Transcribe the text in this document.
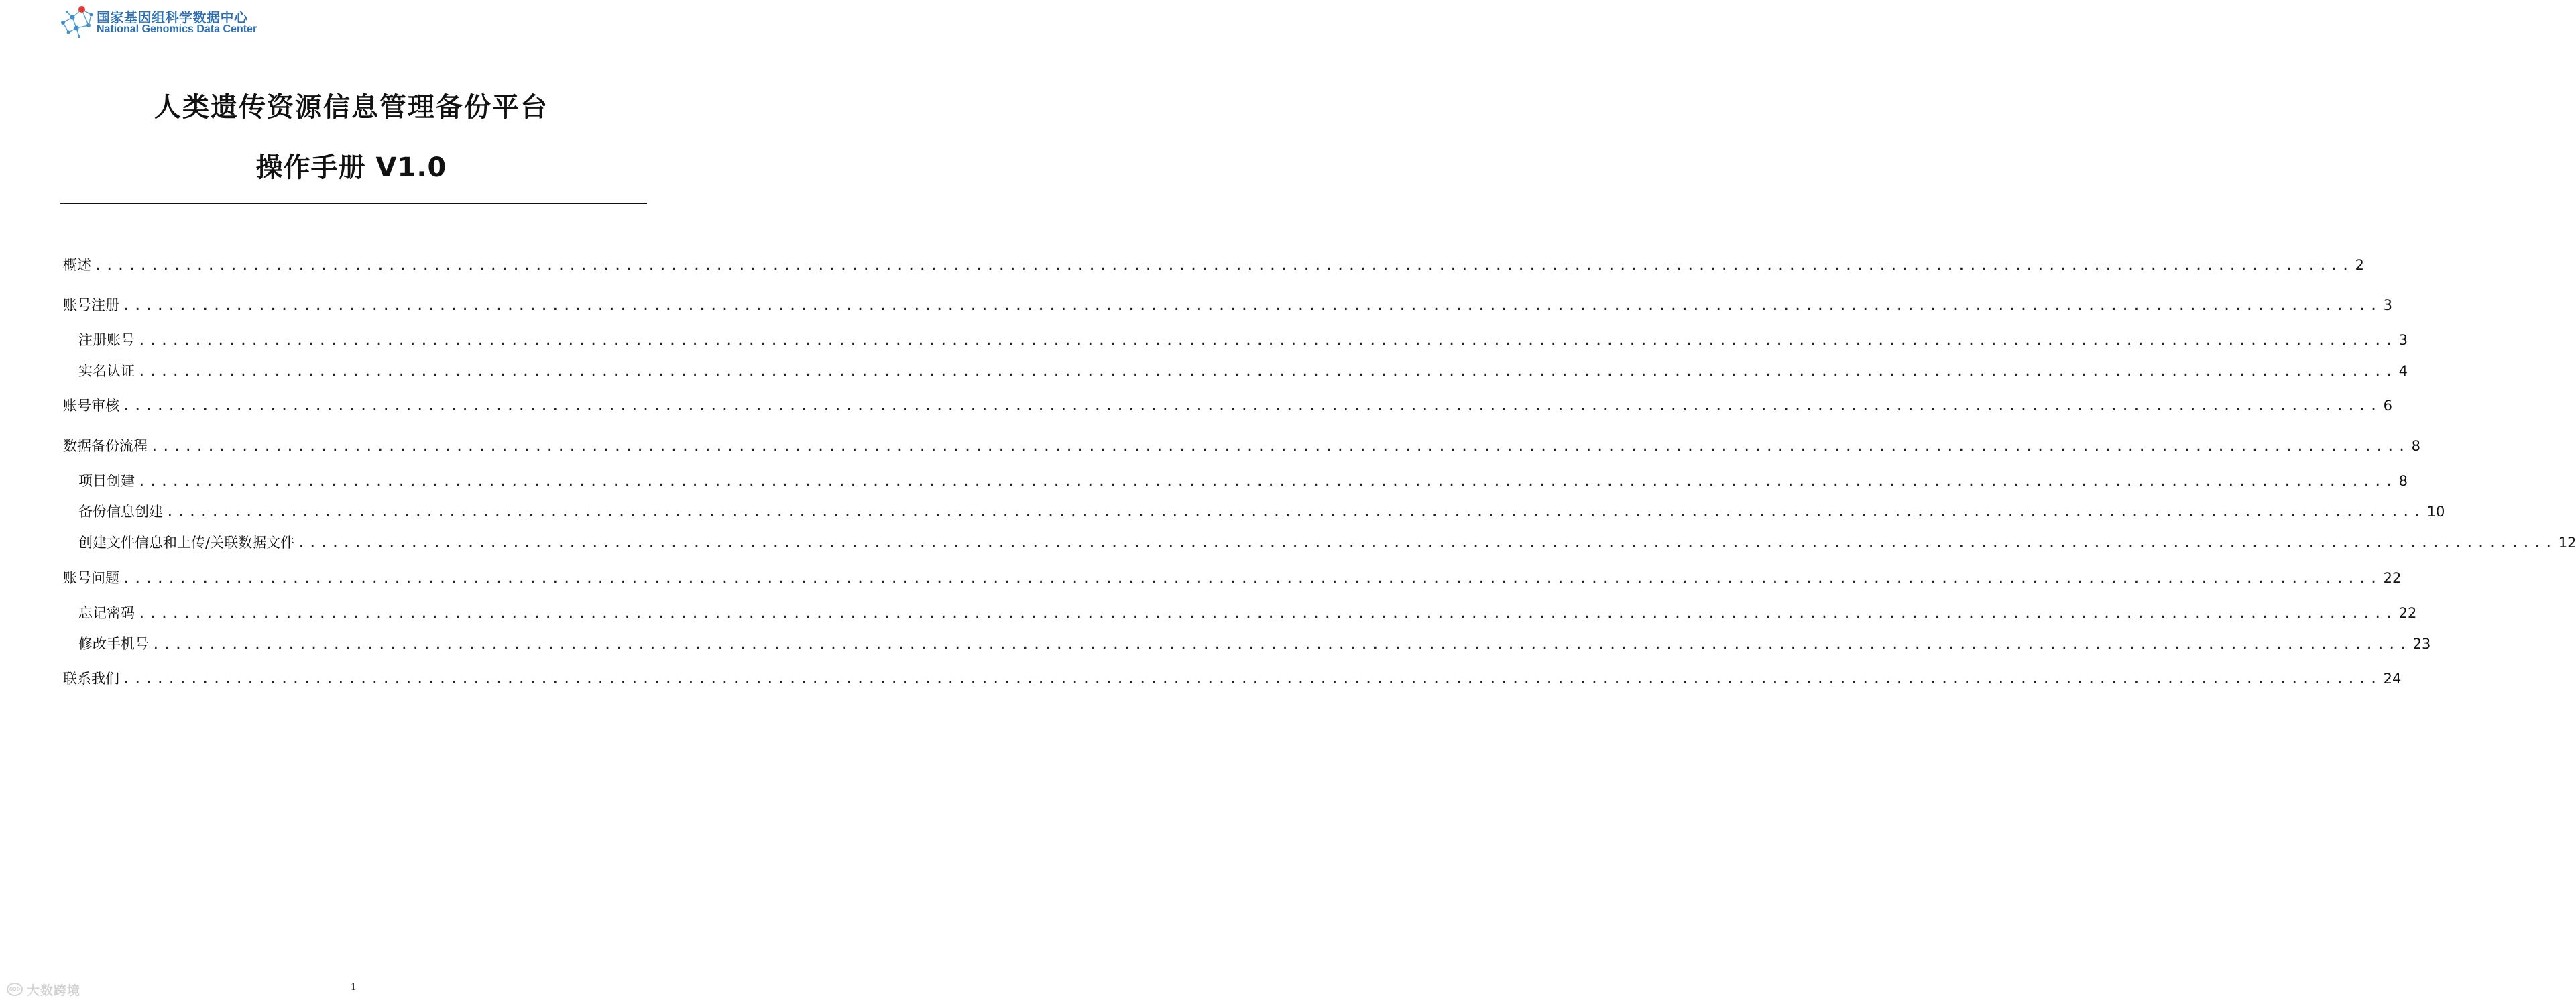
国家基因组科学数据中心
National Genomics Data Center
人类遗传资源信息管理备份平台
操作手册 V1.0
概述 ........................................................................................................................................................................................................ 2
账号注册 ........................................................................................................................................................................................................ 3
注册账号 ........................................................................................................................................................................................................ 3
实名认证 ........................................................................................................................................................................................................ 4
账号审核 ........................................................................................................................................................................................................ 6
数据备份流程 ........................................................................................................................................................................................................ 8
项目创建 ........................................................................................................................................................................................................ 8
备份信息创建 ........................................................................................................................................................................................................ 10
创建文件信息和上传/关联数据文件 ........................................................................................................................................................................................................ 12
账号问题 ........................................................................................................................................................................................................ 22
忘记密码 ........................................................................................................................................................................................................ 22
修改手机号 ........................................................................................................................................................................................................ 23
联系我们 ........................................................................................................................................................................................................ 24
ooo 大数跨境	1
